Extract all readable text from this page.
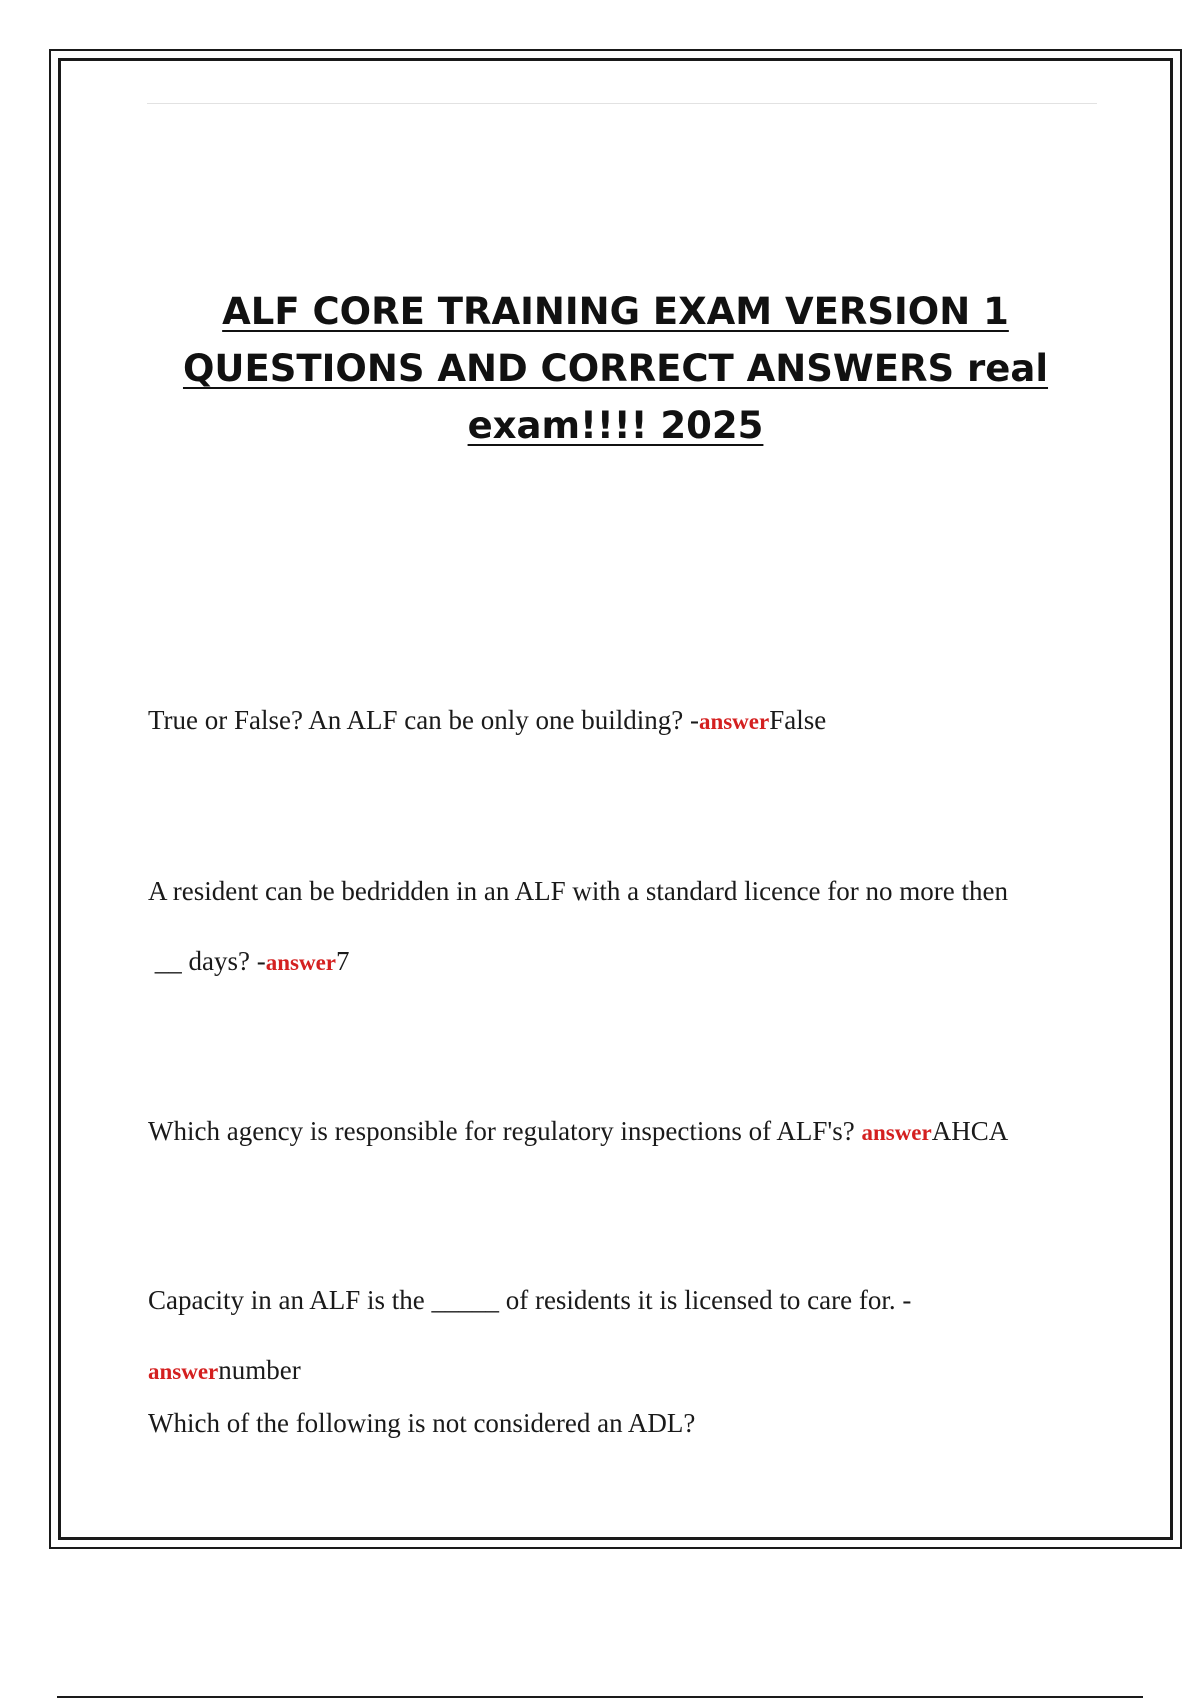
ALF CORE TRAINING EXAM VERSION 1
QUESTIONS AND CORRECT ANSWERS real
exam!!!! 2025
True or False? An ALF can be only one building? -answerFalse
A resident can be bedridden in an ALF with a standard licence for no more then
__ days? -answer7
Which agency is responsible for regulatory inspections of ALF's? answerAHCA
Capacity in an ALF is the _____ of residents it is licensed to care for. -
answernumber
Which of the following is not considered an ADL?
